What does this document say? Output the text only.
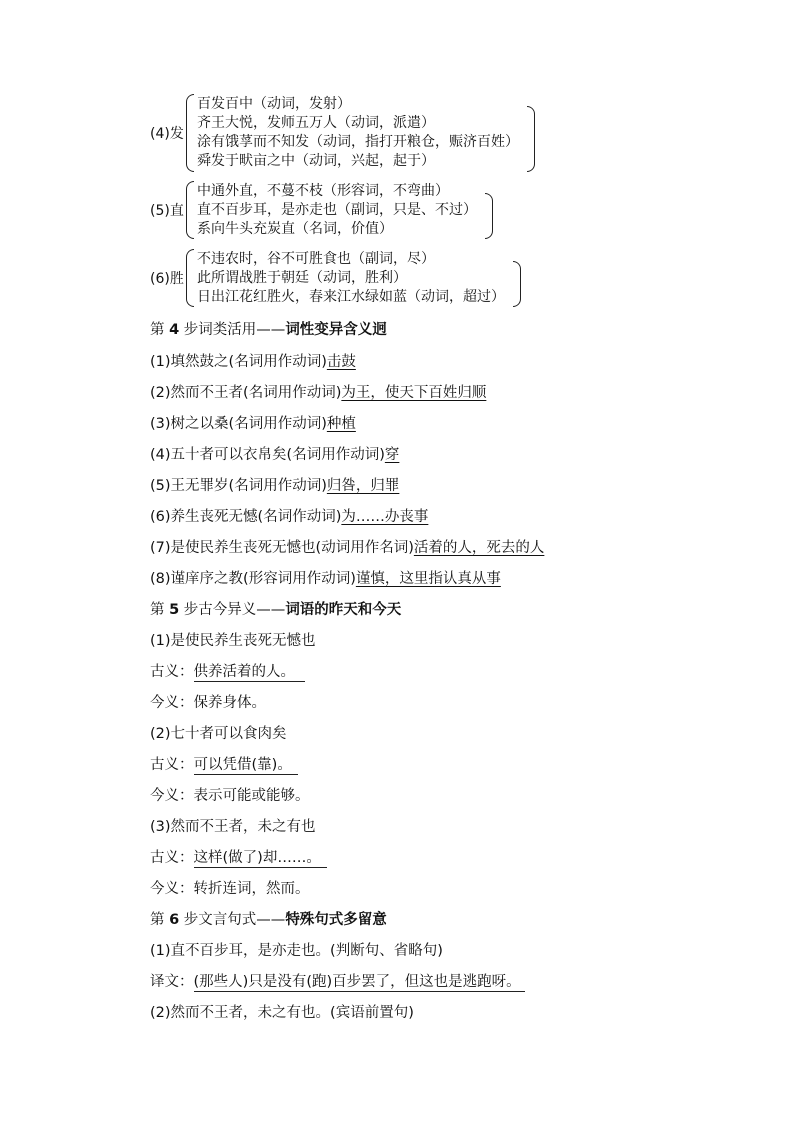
(4)发
百发百中（动词，发射）
齐王大悦，发师五万人（动词，派遣）
涂有饿莩而不知发（动词，指打开粮仓，赈济百姓）
舜发于畎亩之中（动词，兴起，起于）
(5)直
中通外直，不蔓不枝（形容词，不弯曲）
直不百步耳，是亦走也（副词，只是、不过）
系向牛头充炭直（名词，价值）
(6)胜
不违农时，谷不可胜食也（副词，尽）
此所谓战胜于朝廷（动词，胜利）
日出江花红胜火，春来江水绿如蓝（动词，超过）
第 4 步词类活用——词性变异含义迥
(1)填然鼓之(名词用作动词)击鼓
(2)然而不王者(名词用作动词)为王，使天下百姓归顺
(3)树之以桑(名词用作动词)种植
(4)五十者可以衣帛矣(名词用作动词)穿
(5)王无罪岁(名词用作动词)归咎，归罪
(6)养生丧死无憾(名词作动词)为……办丧事
(7)是使民养生丧死无憾也(动词用作名词)活着的人，死去的人
(8)谨庠序之教(形容词用作动词)谨慎，这里指认真从事
第 5 步古今异义——词语的昨天和今天
(1)是使民养生丧死无憾也
古义：供养活着的人。
今义：保养身体。
(2)七十者可以食肉矣
古义：可以凭借(靠)。
今义：表示可能或能够。
(3)然而不王者，未之有也
古义：这样(做了)却……。
今义：转折连词，然而。
第 6 步文言句式——特殊句式多留意
(1)直不百步耳，是亦走也。(判断句、省略句)
译文：(那些人)只是没有(跑)百步罢了，但这也是逃跑呀。
(2)然而不王者，未之有也。(宾语前置句)
